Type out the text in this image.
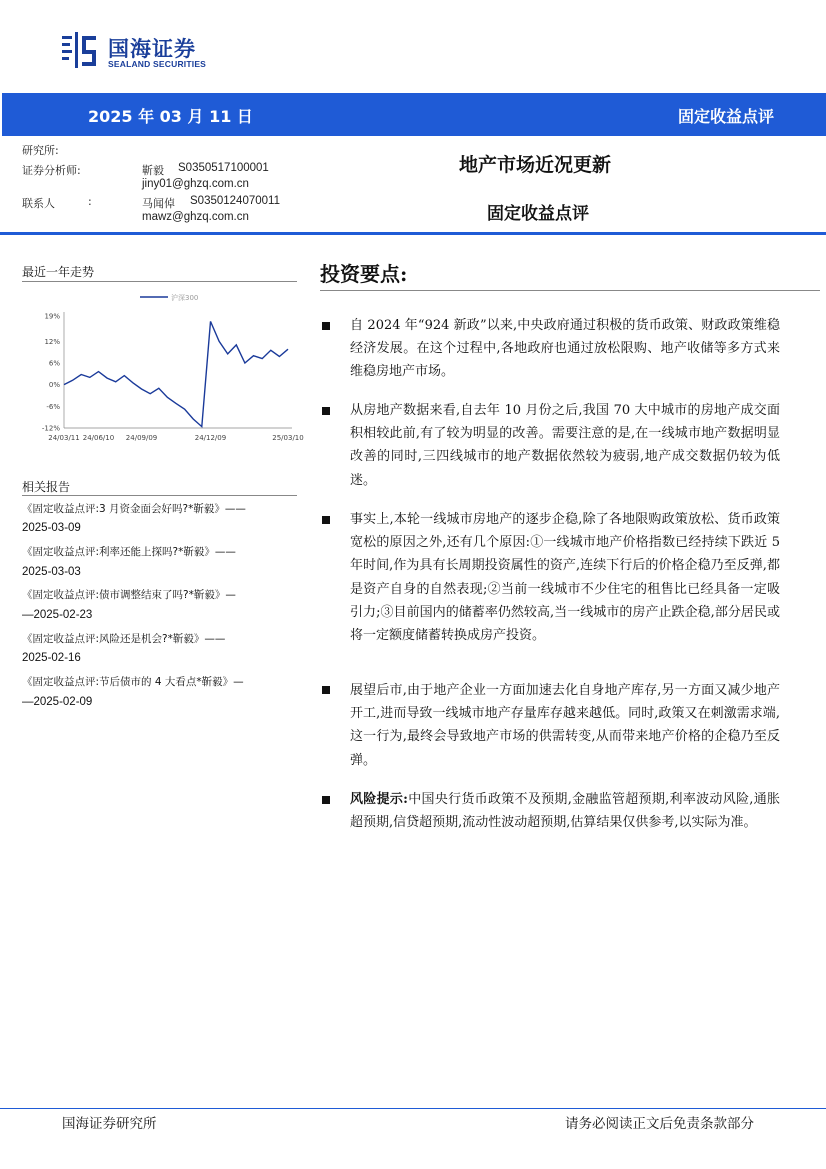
国海证券
SEALAND SECURITIES
2025 年 03 月 11 日	固定收益点评
研究所:
证券分析师:	靳毅 S0350517100001
jiny01@ghzq.com.cn
联系人	:	马闻倬 S0350124070011
mawz@ghzq.com.cn
地产市场近况更新
固定收益点评
最近一年走势
沪深300
19%
12%
6%
0%
-6%
-12%
24/03/11 24/06/10 24/09/09	24/12/09	25/03/10
相关报告
《固定收益点评:3 月资金面会好吗?*靳毅》——
2025-03-09
《固定收益点评:利率还能上探吗?*靳毅》——
2025-03-03
《固定收益点评:债市调整结束了吗?*靳毅》—
—2025-02-23
《固定收益点评:风险还是机会?*靳毅》——
2025-02-16
《固定收益点评:节后债市的 4 大看点*靳毅》—
—2025-02-09
投资要点:
自 2024 年“924 新政”以来,中央政府通过积极的货币政策、财政政策维稳经济发展。在这个过程中,各地政府也通过放松限购、地产收储等多方式来维稳房地产市场。
从房地产数据来看,自去年 10 月份之后,我国 70 大中城市的房地产成交面积相较此前,有了较为明显的改善。需要注意的是,在一线城市地产数据明显改善的同时,三四线城市的地产数据依然较为疲弱,地产成交数据仍较为低迷。
事实上,本轮一线城市房地产的逐步企稳,除了各地限购政策放松、货币政策宽松的原因之外,还有几个原因:①一线城市地产价格指数已经持续下跌近 5 年时间,作为具有长周期投资属性的资产,连续下行后的价格企稳乃至反弹,都是资产自身的自然表现;②当前一线城市不少住宅的租售比已经具备一定吸引力;③目前国内的储蓄率仍然较高,当一线城市的房产止跌企稳,部分居民或将一定额度储蓄转换成房产投资。
展望后市,由于地产企业一方面加速去化自身地产库存,另一方面又减少地产开工,进而导致一线城市地产存量库存越来越低。同时,政策又在刺激需求端,这一行为,最终会导致地产市场的供需转变,从而带来地产价格的企稳乃至反弹。
风险提示:中国央行货币政策不及预期,金融监管超预期,利率波动风险,通胀超预期,信贷超预期,流动性波动超预期,估算结果仅供参考,以实际为准。
国海证券研究所	请务必阅读正文后免责条款部分
